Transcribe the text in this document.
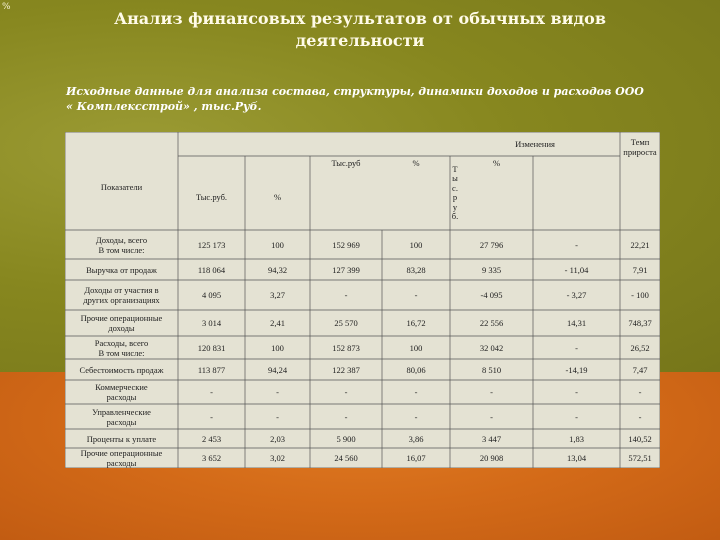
%
Анализ финансовых результатов от обычных видов деятельности
Исходные данные для анализа состава, структуры, динамики доходов и расходов ООО « Комплексстрой» , тыс.Руб.
Показатели
Изменения	Темп прироста
Тыс.руб.	%
Тыс.руб	%
Т ы с. р у б.
%
Доходы, всего
В том числе:	125 173	100	152 969	100	27 796	-	22,21
Выручка от продаж	118 064	94,32	127 399	83,28	9 335	- 11,04	7,91
Доходы от участия в
других организациях	4 095	3,27	-	-	-4 095	- 3,27	- 100
Прочие операционные
доходы	3 014	2,41	25 570	16,72	22 556	14,31	748,37
Расходы, всего
В том числе:	120 831	100	152 873	100	32 042	-	26,52
Себестоимость продаж	113 877	94,24	122 387	80,06	8 510	-14,19	7,47
Коммерческие
расходы	-	-	-	-	-	-	-
Управленческие
расходы	-	-	-	-	-	-	-
Проценты к уплате	2 453	2,03	5 900	3,86	3 447	1,83	140,52
Прочие операционные
расходы	3 652	3,02	24 560	16,07	20 908	13,04	572,51
